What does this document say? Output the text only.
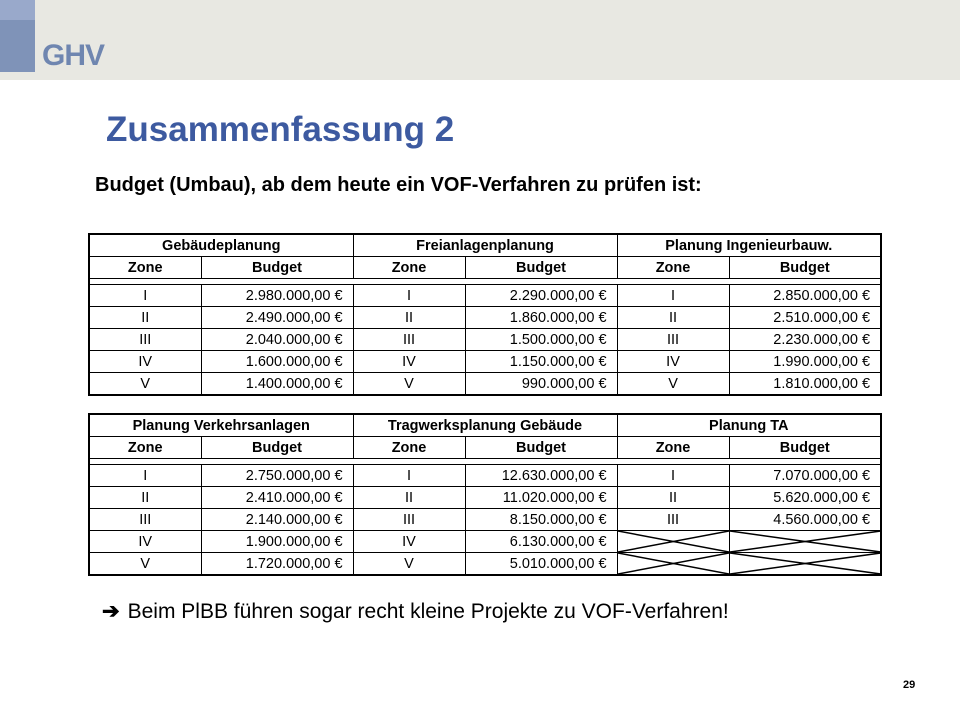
GHV
Zusammenfassung 2
Budget (Umbau), ab dem heute ein VOF-Verfahren zu prüfen ist:
Gebäudeplanung		Freianlagenplanung		Planung Ingenieurbauw.	
Zone	Budget	Zone	Budget	Zone	Budget

I	2.980.000,00 €	I	2.290.000,00 €	I	2.850.000,00 €
II	2.490.000,00 €	II	1.860.000,00 €	II	2.510.000,00 €
III	2.040.000,00 €	III	1.500.000,00 €	III	2.230.000,00 €
IV	1.600.000,00 €	IV	1.150.000,00 €	IV	1.990.000,00 €
V	1.400.000,00 €	V	990.000,00 €	V	1.810.000,00 €
Planung Verkehrsanlagen		Tragwerksplanung Gebäude		Planung TA	
Zone	Budget	Zone	Budget	Zone	Budget

I	2.750.000,00 €	I	12.630.000,00 €	I	7.070.000,00 €
II	2.410.000,00 €	II	11.020.000,00 €	II	5.620.000,00 €
III	2.140.000,00 €	III	8.150.000,00 €	III	4.560.000,00 €
IV	1.900.000,00 €	IV	6.130.000,00 €	

V	1.720.000,00 €	V	5.010.000,00 €	

➔ Beim PlBB führen sogar recht kleine Projekte zu VOF-Verfahren!
29
